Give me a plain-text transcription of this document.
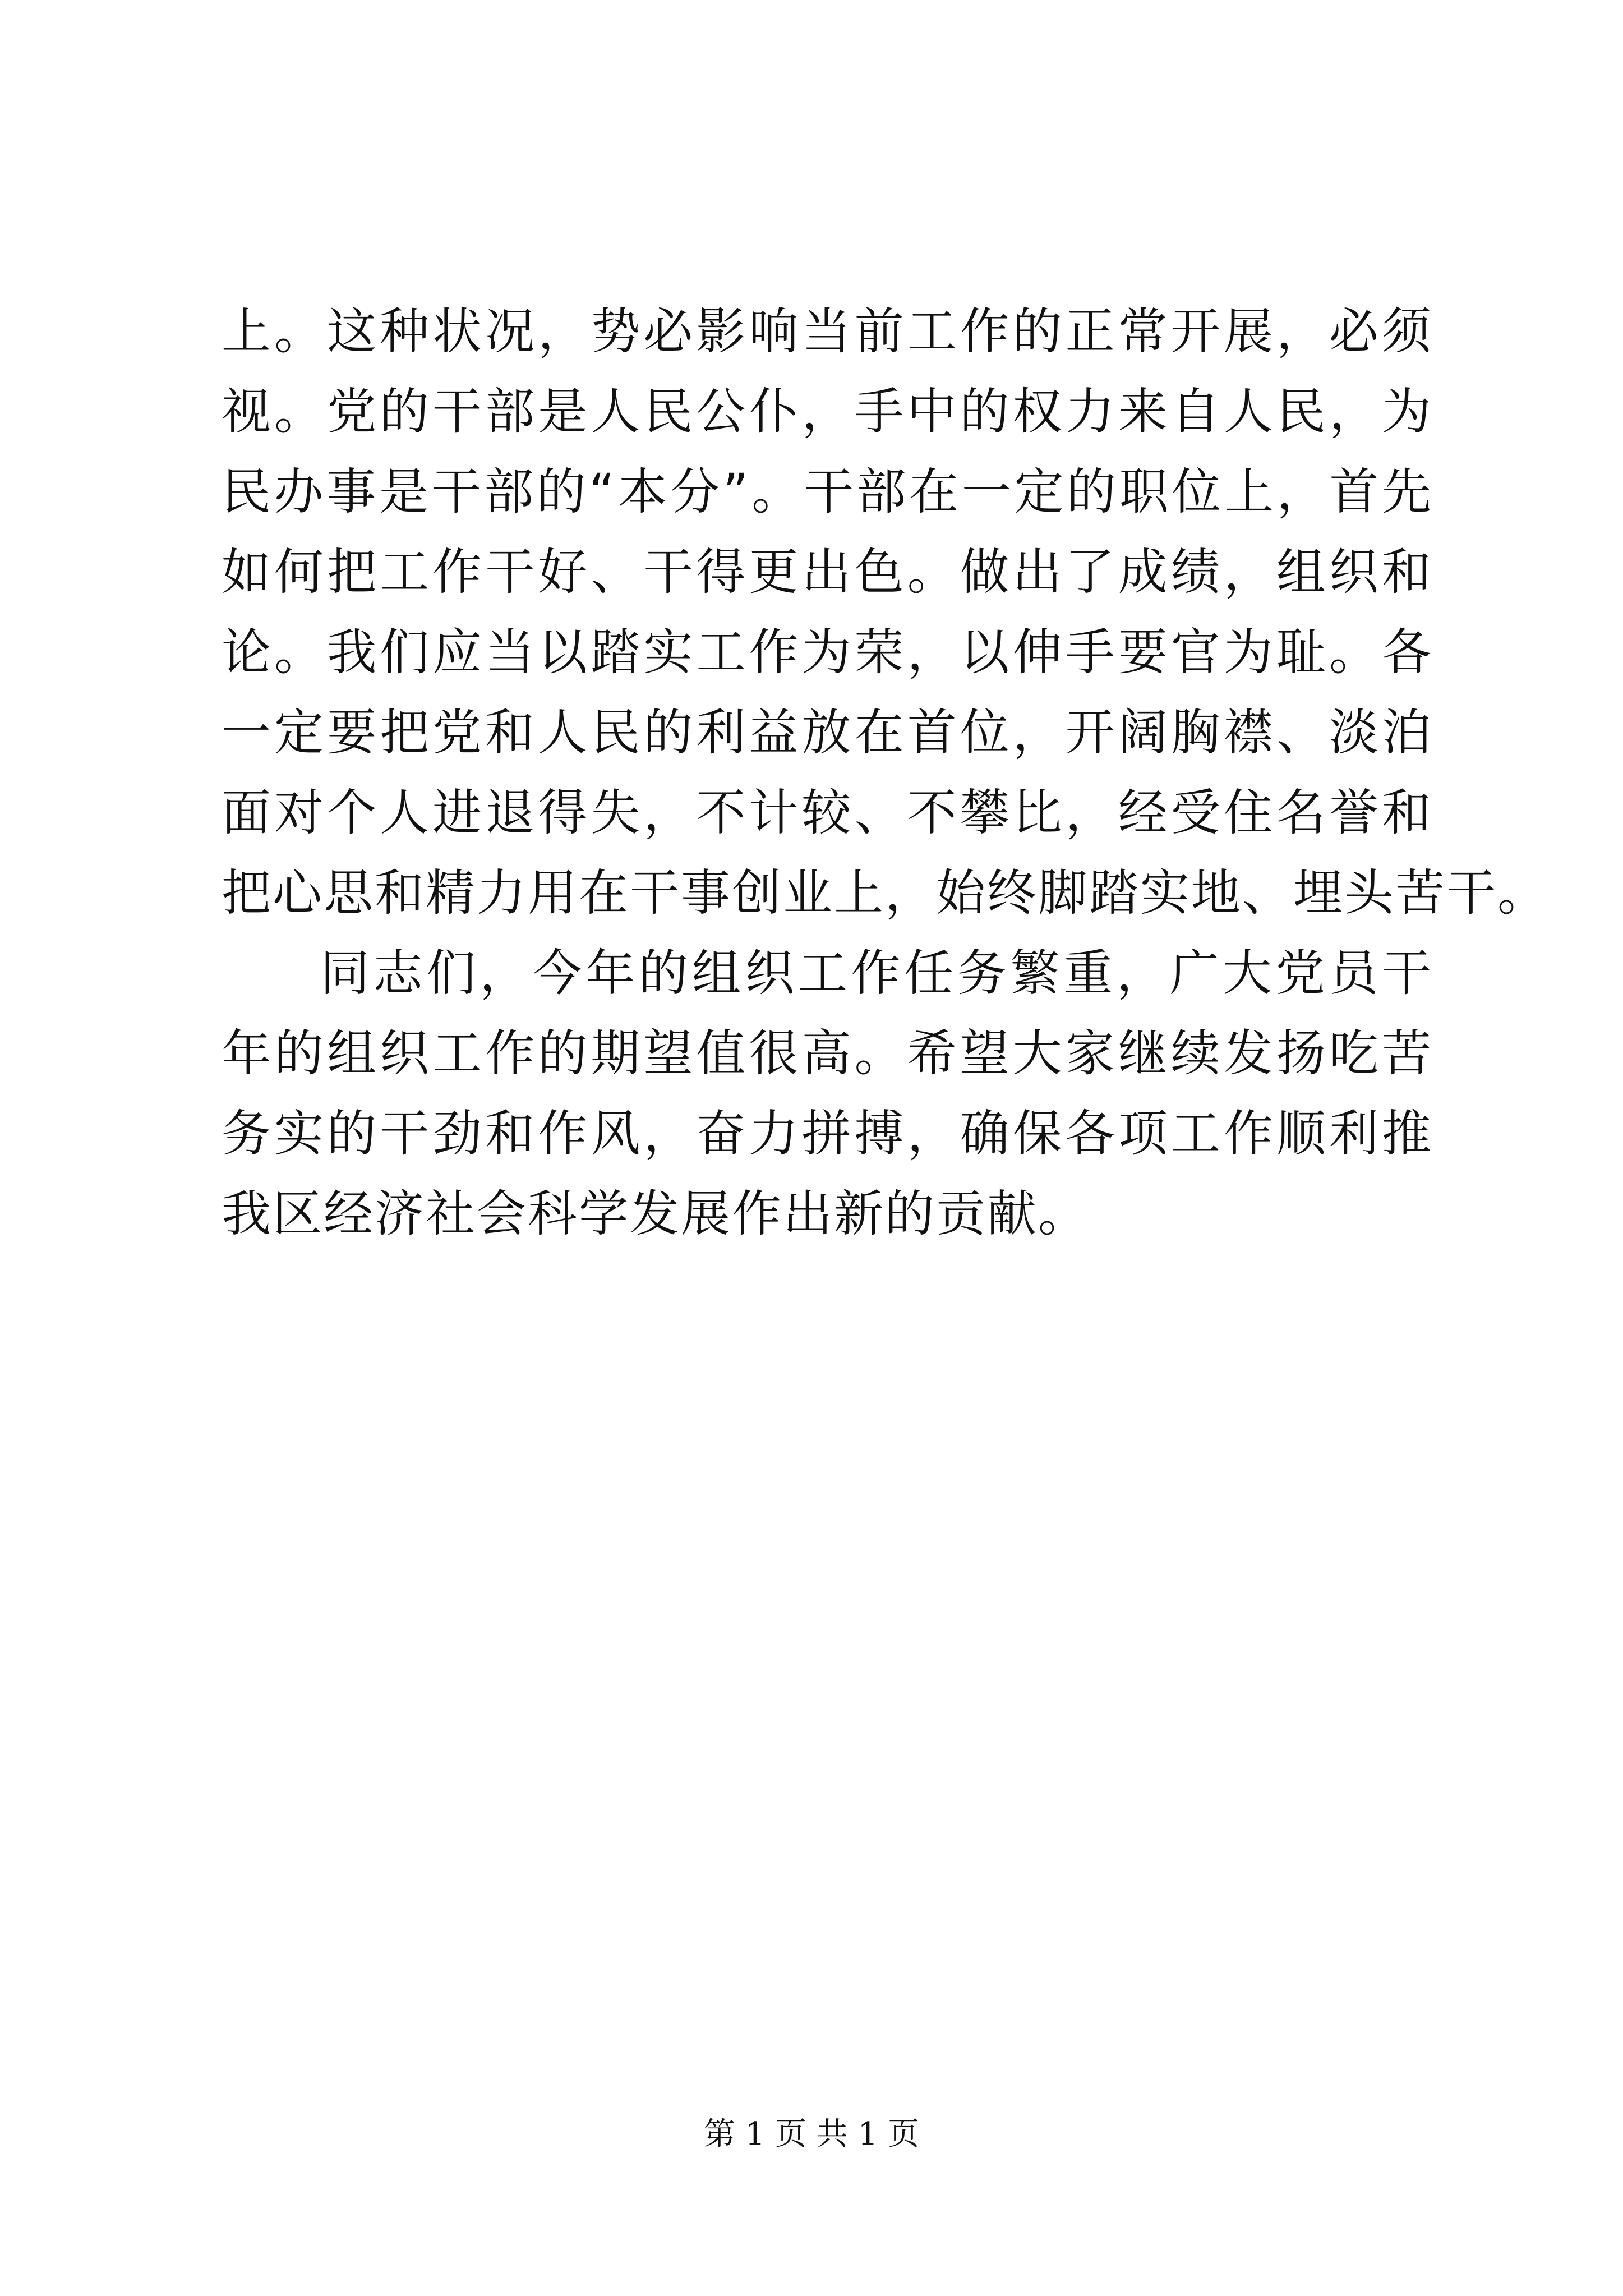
上。这种状况，势必影响当前工作的正常开展，必须
视。党的干部是人民公仆，手中的权力来自人民，为
民办事是干部的“本分”。干部在一定的职位上，首先
如何把工作干好、干得更出色。做出了成绩，组织和
论。我们应当以踏实工作为荣，以伸手要官为耻。各
一定要把党和人民的利益放在首位，开阔胸襟、淡泊
面对个人进退得失，不计较、不攀比，经受住名誉和
把心思和精力用在干事创业上，始终脚踏实地、埋头苦干。
同志们，今年的组织工作任务繁重，广大党员干
年的组织工作的期望值很高。希望大家继续发扬吃苦
务实的干劲和作风，奋力拼搏，确保各项工作顺利推
我区经济社会科学发展作出新的贡献。
第 1 页 共 1 页
